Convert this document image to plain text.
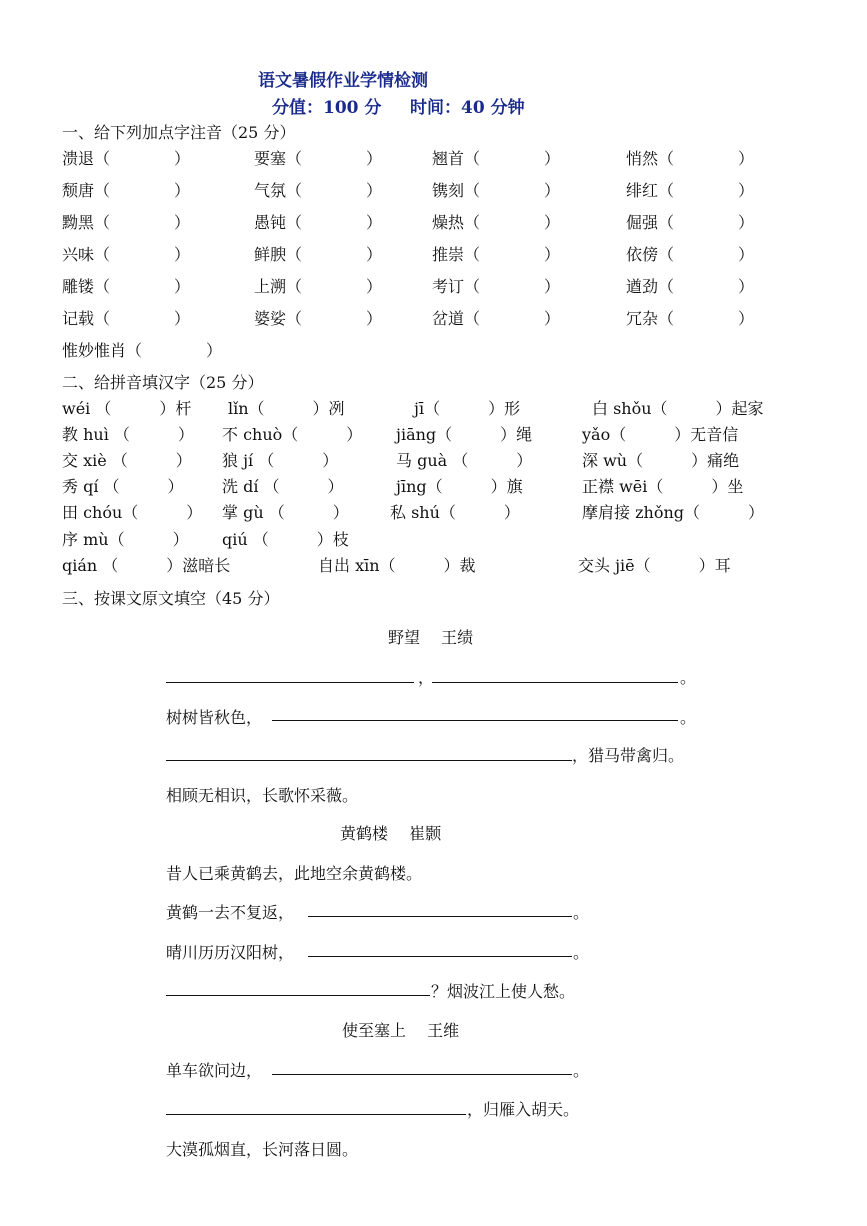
语文暑假作业学情检测
分值：100 分 时间：40 分钟
一、给下列加点字注音（25 分）
溃退（　　　　）	要塞（　　　　）	翘首（　　　　）	悄然（　　　　）
颓唐（　　　　）	气氛（　　　　）	镌刻（　　　　）	绯红（　　　　）
黝黑（　　　　）	愚钝（　　　　）	燥热（　　　　）	倔强（　　　　）
兴味（　　　　）	鲜腴（　　　　）	推崇（　　　　）	依傍（　　　　）
雕镂（　　　　）	上溯（　　　　）	考订（　　　　）	遒劲（　　　　）
记载（　　　　）	婆娑（　　　　）	岔道（　　　　）	冗杂（　　　　）
惟妙惟肖（　　　　）
二、给拼音填汉字（25 分）
wéi （　　　）杆 lǐn（　　　）冽	jī（　　　）形	白 shǒu（　　　）起家
教 huì （　　　） 不 chuò（　　　） jiāng（　　　）绳	yǎo（　　　）无音信
交 xiè （　　　） 狼 jí （　　　）	马 guà （　　　）	深 wù（　　　）痛绝
秀 qí （　　　） 洗 dí （　　　）	jīng（　　　）旗	正襟 wēi（　　　）坐
田 chóu（　　　） 掌 gù （　　　）	私 shú（　　　）	摩肩接 zhǒng（　　　）
序 mù（　　　） qiú （　　　）枝
qián （　　　）滋暗长	自出 xīn（　　　）裁	交头 jiē（　　　）耳
三、按课文原文填空（45 分）
野望　 王绩
，	。
树树皆秋色，	。
，猎马带禽归。
相顾无相识，长歌怀采薇。
黄鹤楼　 崔颢
昔人已乘黄鹤去，此地空余黄鹤楼。
黄鹤一去不复返，	。
晴川历历汉阳树，	。
？烟波江上使人愁。
使至塞上　 王维
单车欲问边，	。
，归雁入胡天。
大漠孤烟直，长河落日圆。
